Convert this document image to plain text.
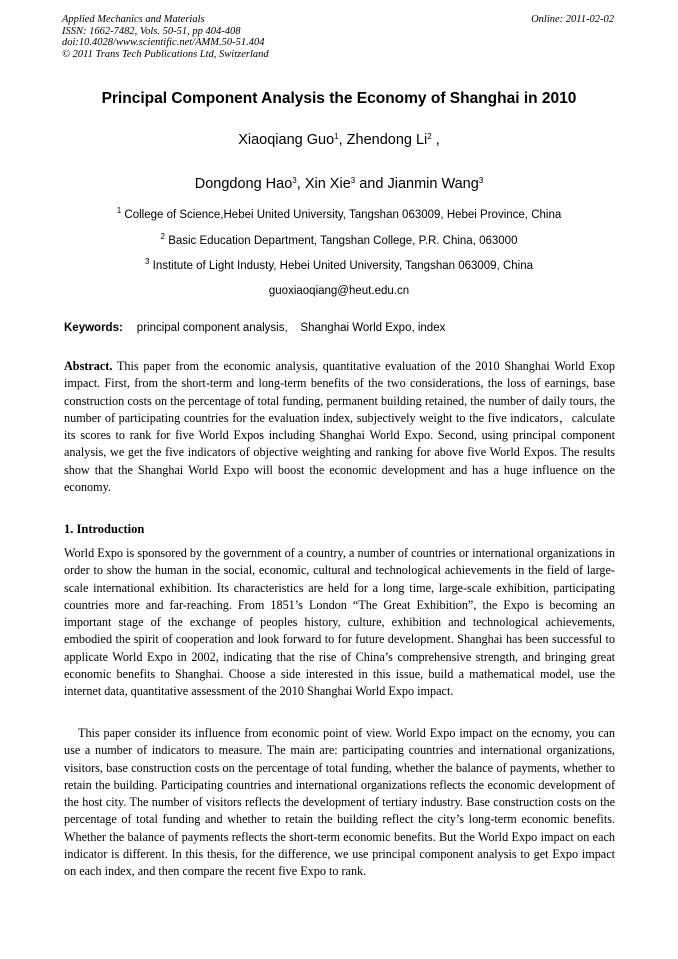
Applied Mechanics and Materials
ISSN: 1662-7482, Vols. 50-51, pp 404-408
doi:10.4028/www.scientific.net/AMM.50-51.404
© 2011 Trans Tech Publications Ltd, Switzerland
Online: 2011-02-02
Principal Component Analysis the Economy of Shanghai in 2010
Xiaoqiang Guo$^1$, Zhendong Li$^2$ ,
Dongdong Hao$^3$, Xin Xie$^3$ and Jianmin Wang$^3$
$^1$ College of Science,Hebei United University, Tangshan 063009, Hebei Province, China
$^2$ Basic Education Department, Tangshan College, P.R. China, 063000
$^3$ Institute of Light Industy, Hebei United University, Tangshan 063009, China
guoxiaoqiang@heut.edu.cn
Keywords: principal component analysis,    Shanghai World Expo, index

Abstract. This paper from the economic analysis, quantitative evaluation of the 2010 Shanghai World Exop impact. First, from the short-term and long-term benefits of the two considerations, the loss of earnings, base construction costs on the percentage of total funding, permanent building retained, the number of daily tours, the number of participating countries for the evaluation index, subjectively weight to the five indicators，calculate its scores to rank for five World Expos including Shanghai World Expo. Second, using principal component analysis, we get the five indicators of objective weighting and ranking for above five World Expos. The results show that the Shanghai World Expo will boost the economic development and has a huge influence on the economy.

1. Introduction

World Expo is sponsored by the government of a country, a number of countries or international organizations in order to show the human in the social, economic, cultural and technological achievements in the field of large-scale international exhibition. Its characteristics are held for a long time, large-scale exhibition, participating countries more and far-reaching. From 1851’s London “The Great Exhibition”, the Expo is becoming an important stage of the exchange of peoples history, culture, exhibition and technological achievements, embodied the spirit of cooperation and look forward to for future development. Shanghai has been successful to applicate World Expo in 2002, indicating that the rise of China’s comprehensive strength, and bringing great economic benefits to Shanghai. Choose a side interested in this issue, build a mathematical model, use the internet data, quantitative assessment of the 2010 Shanghai World Expo impact.

This paper consider its influence from economic point of view. World Expo impact on the ecnomy, you can use a number of indicators to measure. The main are: participating countries and international organizations, visitors, base construction costs on the percentage of total funding, whether the balance of payments, whether to retain the building. Participating countries and international organizations reflects the economic development of the host city. The number of visitors reflects the development of tertiary industry. Base construction costs on the percentage of total funding and whether to retain the building reflect the city’s long-term economic benefits. Whether the balance of payments reflects the short-term economic benefits. But the World Expo impact on each indicator is different. In this thesis, for the difference, we use principal component analysis to get Expo impact on each index, and then compare the recent five Expo to rank.
